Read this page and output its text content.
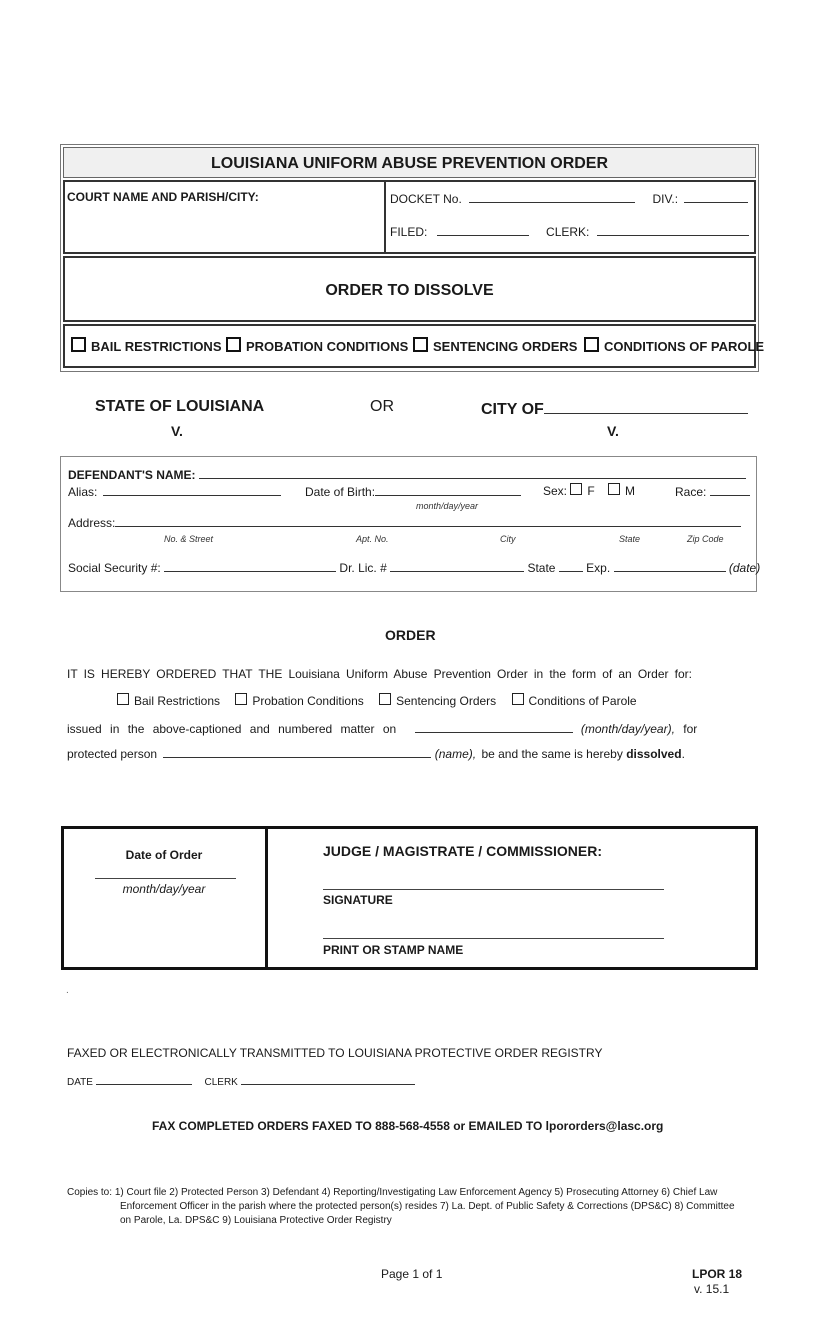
LOUISIANA UNIFORM ABUSE PREVENTION ORDER
COURT NAME AND PARISH/CITY:	DOCKET No.	DIV.:
FILED:	CLERK:
ORDER TO DISSOLVE
BAIL RESTRICTIONS	PROBATION CONDITIONS	SENTENCING ORDERS	CONDITIONS OF PAROLE
STATE OF LOUISIANA	OR	CITY OF
V.	V.
DEFENDANT'S NAME:
Alias:	Date of Birth:
month/day/year
Sex: F	M	Race:
Address:
No. & Street	Apt. No.	City	State	Zip Code
Social Security #:	Dr. Lic. #	State	Exp.	(date)
ORDER
IT IS HEREBY ORDERED THAT THE Louisiana Uniform Abuse Prevention Order in the form of an Order for:
Bail Restrictions	Probation Conditions	Sentencing Orders	Conditions of Parole
issued in the above-captioned and numbered matter on	(month/day/year), for
protected person	(name), be and the same is hereby dissolved.
Date of Order
month/day/year
JUDGE / MAGISTRATE / COMMISSIONER:
SIGNATURE
PRINT OR STAMP NAME
.
FAXED OR ELECTRONICALLY TRANSMITTED TO LOUISIANA PROTECTIVE ORDER REGISTRY
DATE	CLERK
FAX COMPLETED ORDERS FAXED TO 888-568-4558 or EMAILED TO lpororders@lasc.org
Copies to: 1) Court file 2) Protected Person 3) Defendant 4) Reporting/Investigating Law Enforcement Agency 5) Prosecuting Attorney 6) Chief Law
Enforcement Officer in the parish where the protected person(s) resides 7) La. Dept. of Public Safety & Corrections (DPS&C) 8) Committee
on Parole, La. DPS&C 9) Louisiana Protective Order Registry
Page 1 of 1	LPOR 18
v. 15.1
